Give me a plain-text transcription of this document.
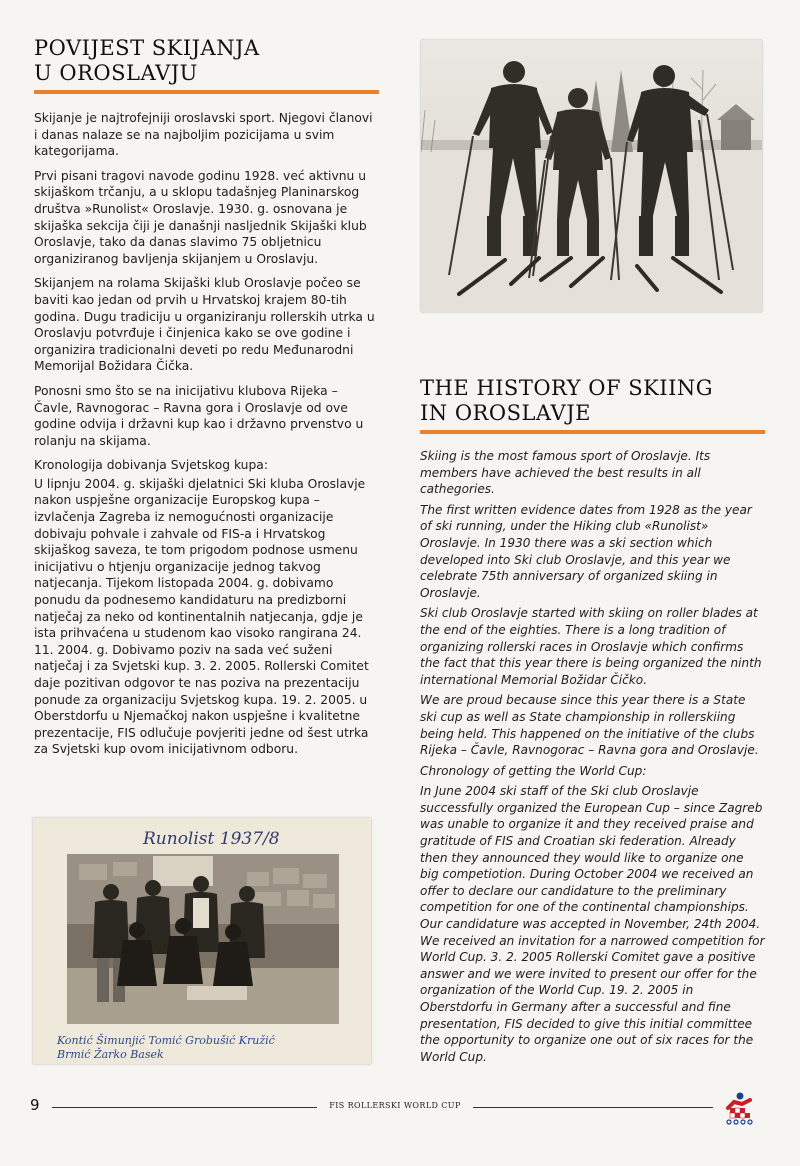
POVIJEST SKIJANJA
U OROSLAVJU

Skijanje je najtrofejniji oroslavski sport. Njegovi članovi i danas nalaze se na najboljim pozicijama u svim kategorijama.

Prvi pisani tragovi navode godinu 1928. već aktivnu u skijaškom trčanju, a u sklopu tadašnjeg Planinarskog društva »Runolist« Oroslavje. 1930. g. osnovana je skijaška sekcija čiji je današnji nasljednik Skijaški klub Oroslavje, tako da danas slavimo 75 obljetnicu organiziranog bavljenja skijanjem u Oroslavju.

Skijanjem na rolama Skijaški klub Oroslavje počeo se baviti kao jedan od prvih u Hrvatskoj krajem 80-tih godina. Dugu tradiciju u organiziranju rollerskih utrka u Oroslavju potvrđuje i činjenica kako se ove godine i organizira tradicionalni deveti po redu Međunarodni Memorijal Božidara Čička.

Ponosni smo što se na inicijativu klubova Rijeka – Čavle, Ravnogorac – Ravna gora i Oroslavje od ove godine odvija i državni kup kao i državno prvenstvo u rolanju na skijama.

Kronologija dobivanja Svjetskog kupa:

U lipnju 2004. g. skijaški djelatnici Ski kluba Oroslavje nakon uspješne organizacije Europskog kupa – izvlačenja Zagreba iz nemogućnosti organizacije dobivaju pohvale i zahvale od FIS-a i Hrvatskog skijaškog saveza, te tom prigodom podnose usmenu inicijativu o htjenju organizacije jednog takvog natjecanja. Tijekom listopada 2004. g. dobivamo ponudu da podnesemo kandidaturu na predizborni natječaj za neko od kontinentalnih natjecanja, gdje je ista prihvaćena u studenom kao visoko rangirana 24. 11. 2004. g. Dobivamo poziv na sada već suženi natječaj i za Svjetski kup. 3. 2. 2005. Rollerski Comitet daje pozitivan odgovor te nas poziva na prezentaciju ponude za organizaciju Svjetskog kupa. 19. 2. 2005. u Oberstdorfu u Njemačkoj nakon uspješne i kvalitetne prezentacije, FIS odlučuje povjeriti jedne od šest utrka za Svjetski kup ovom inicijativnom odboru.

Runolist 1937/8
Kontić Šimunjić Tomić Grobušić Kružić
Brmić Žarko Basek
THE HISTORY OF SKIING
IN OROSLAVJE

Skiing is the most famous sport of Oroslavje. Its members have achieved the best results in all cathegories.

The first written evidence dates from 1928 as the year of ski running, under the Hiking club «Runolist» Oroslavje. In 1930 there was a ski section which developed into Ski club Oroslavje, and this year we celebrate 75th anniversary of organized skiing in Oroslavje.

Ski club Oroslavje started with skiing on roller blades at the end of the eighties. There is a long tradition of organizing rollerski races in Oroslavje which confirms the fact that this year there is being organized the ninth international Memorial Božidar Čičko.

We are proud because since this year there is a State ski cup as well as State championship in rollerskiing being held. This happened on the initiative of the clubs Rijeka – Čavle, Ravnogorac – Ravna gora and Oroslavje.

Chronology of getting the World Cup:

In June 2004 ski staff of the Ski club Oroslavje successfully organized the European Cup – since Zagreb was unable to organize it and they received praise and gratitude of FIS and Croatian ski federation. Already then they announced they would like to organize one big competiotion. During October 2004 we received an offer to declare our candidature to the preliminary competition for one of the continental championships. Our candidature was accepted in November, 24th 2004. We received an invitation for a narrowed competition for World Cup. 3. 2. 2005 Rollerski Comitet gave a positive answer and we were invited to present our offer for the organization of the World Cup. 19. 2. 2005 in Oberstdorfu in Germany after a successful and fine presentation, FIS decided to give this initial committee the opportunity to organize one out of six races for the World Cup.

9	FIS ROLLERSKI WORLD CUP
